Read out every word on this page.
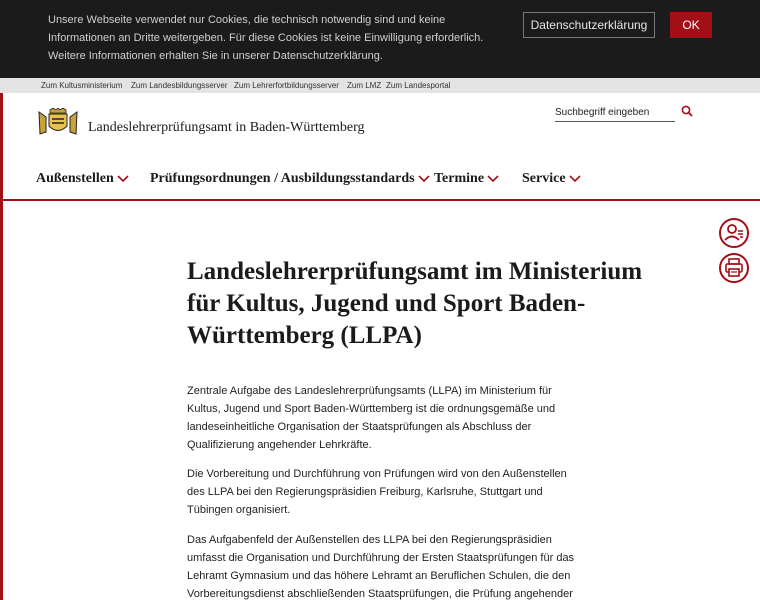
Unsere Webseite verwendet nur Cookies, die technisch notwendig sind und keine Informationen an Dritte weitergeben. Für diese Cookies ist keine Einwilligung erforderlich. Weitere Informationen erhalten Sie in unserer Datenschutzerklärung.
Datenschutzerklärung	OK
Zum Kultusministerium Zum Landesbildungsserver Zum Lehrerfortbildungsserver Zum LMZ Zum Landesportal
Landeslehrerprüfungsamt in Baden-Württemberg
Suchbegriff eingeben
Außenstellen	Prüfungsordnungen / Ausbildungsstandards Termine	Service
Landeslehrerprüfungsamt im Ministerium für Kultus, Jugend und Sport Baden-Württemberg (LLPA)

Zentrale Aufgabe des Landeslehrerprüfungsamts (LLPA) im Ministerium für Kultus, Jugend und Sport Baden-Württemberg ist die ordnungsgemäße und landeseinheitliche Organisation der Staatsprüfungen als Abschluss der Qualifizierung angehender Lehrkräfte.

Die Vorbereitung und Durchführung von Prüfungen wird von den Außenstellen des LLPA bei den Regierungspräsidien Freiburg, Karlsruhe, Stuttgart und Tübingen organisiert.

Das Aufgabenfeld der Außenstellen des LLPA bei den Regierungspräsidien umfasst die Organisation und Durchführung der Ersten Staatsprüfungen für das Lehramt Gymnasium und das höhere Lehramt an Beruflichen Schulen, die den Vorbereitungsdienst abschließenden Staatsprüfungen, die Prüfung angehender
